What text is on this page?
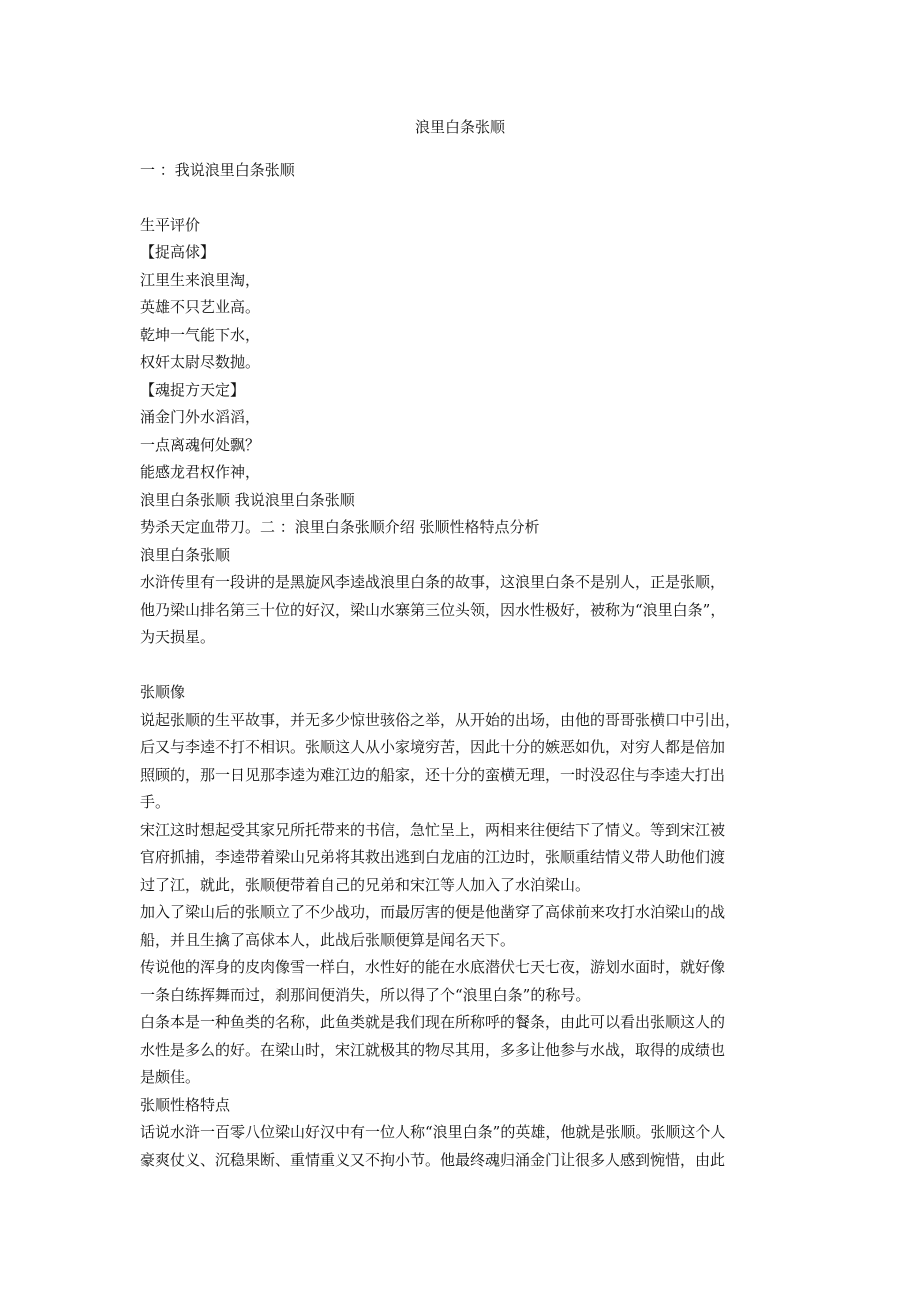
浪里白条张顺
一 ：我说浪里白条张顺
生平评价
【捉高俅】
江里生来浪里淘，
英雄不只艺业高。
乾坤一气能下水，
权奸太尉尽数抛。
【魂捉方天定】
涌金门外水滔滔，
一点离魂何处飘？
能感龙君权作神，
浪里白条张顺 我说浪里白条张顺
势杀天定血带刀。二 ：浪里白条张顺介绍 张顺性格特点分析
浪里白条张顺
水浒传里有一段讲的是黑旋风李逵战浪里白条的故事，这浪里白条不是别人，正是张顺，
他乃梁山排名第三十位的好汉，梁山水寨第三位头领，因水性极好，被称为“浪里白条”，
为天损星。
张顺像
说起张顺的生平故事，并无多少惊世骇俗之举，从开始的出场，由他的哥哥张横口中引出，
后又与李逵不打不相识。张顺这人从小家境穷苦，因此十分的嫉恶如仇，对穷人都是倍加
照顾的，那一日见那李逵为难江边的船家，还十分的蛮横无理，一时没忍住与李逵大打出
手。
宋江这时想起受其家兄所托带来的书信，急忙呈上，两相来往便结下了情义。等到宋江被
官府抓捕，李逵带着梁山兄弟将其救出逃到白龙庙的江边时，张顺重结情义带人助他们渡
过了江，就此，张顺便带着自己的兄弟和宋江等人加入了水泊梁山。
加入了梁山后的张顺立了不少战功，而最厉害的便是他凿穿了高俅前来攻打水泊梁山的战
船，并且生擒了高俅本人，此战后张顺便算是闻名天下。
传说他的浑身的皮肉像雪一样白，水性好的能在水底潜伏七天七夜，游划水面时，就好像
一条白练挥舞而过，刹那间便消失，所以得了个“浪里白条”的称号。
白条本是一种鱼类的名称，此鱼类就是我们现在所称呼的餐条，由此可以看出张顺这人的
水性是多么的好。在梁山时，宋江就极其的物尽其用，多多让他参与水战，取得的成绩也
是颇佳。
张顺性格特点
话说水浒一百零八位梁山好汉中有一位人称“浪里白条”的英雄，他就是张顺。张顺这个人
豪爽仗义、沉稳果断、重情重义又不拘小节。他最终魂归涌金门让很多人感到惋惜，由此
